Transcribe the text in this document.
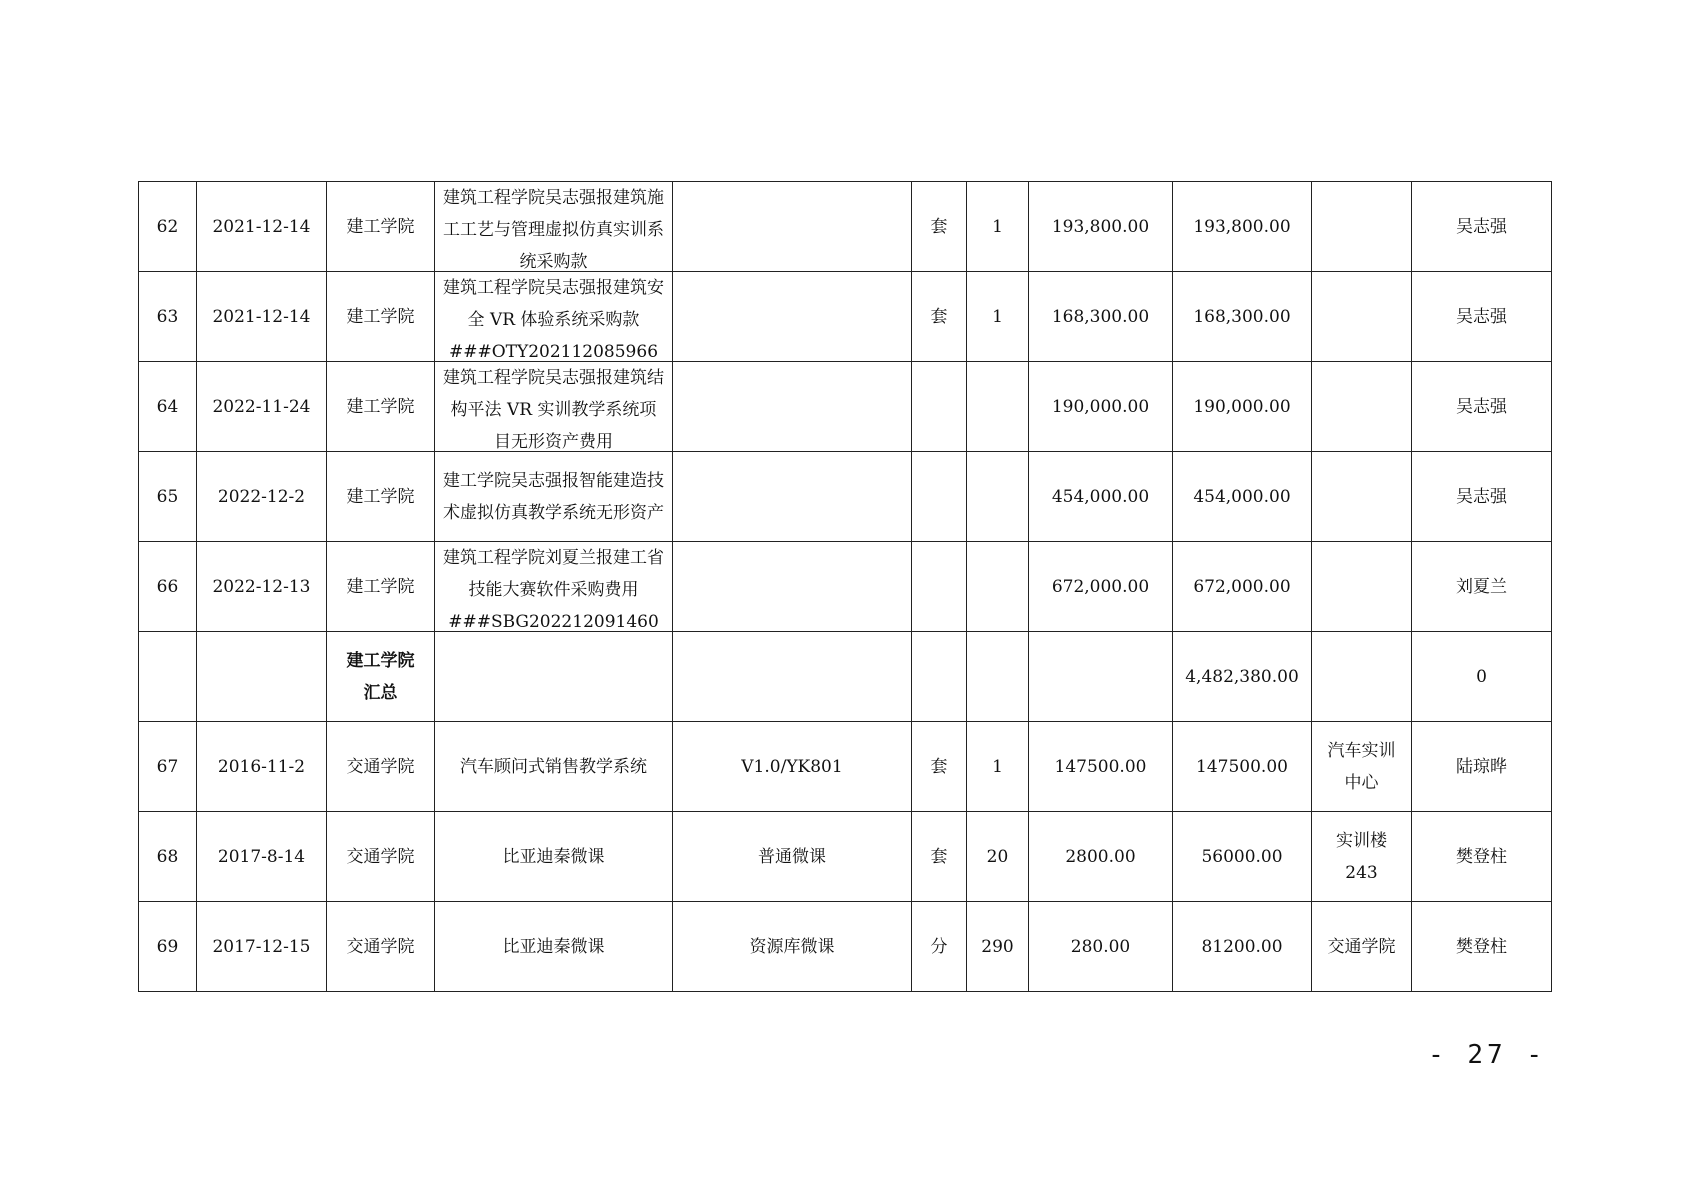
62	2021-12-14	建工学院	建筑工程学院吴志强报建筑施工工艺与管理虚拟仿真实训系统采购款		套	1	193,800.00	193,800.00		吴志强
63	2021-12-14	建工学院	建筑工程学院吴志强报建筑安全 VR 体验系统采购款###OTY202112085966		套	1	168,300.00	168,300.00		吴志强
64	2022-11-24	建工学院	建筑工程学院吴志强报建筑结构平法 VR 实训教学系统项目无形资产费用				190,000.00	190,000.00		吴志强
65	2022-12-2	建工学院	建工学院吴志强报智能建造技术虚拟仿真教学系统无形资产				454,000.00	454,000.00		吴志强
66	2022-12-13	建工学院	建筑工程学院刘夏兰报建工省技能大赛软件采购费用###SBG202212091460				672,000.00	672,000.00		刘夏兰

		建工学院汇总						4,482,380.00		0
67	2016-11-2	交通学院	汽车顾问式销售教学系统	V1.0/YK801	套	1	147500.00	147500.00	汽车实训中心	陆琼晔
68	2017-8-14	交通学院	比亚迪秦微课	普通微课	套	20	2800.00	56000.00	实训楼243	樊登柱
69	2017-12-15	交通学院	比亚迪秦微课	资源库微课	分	290	280.00	81200.00	交通学院	樊登柱
- 27 -
